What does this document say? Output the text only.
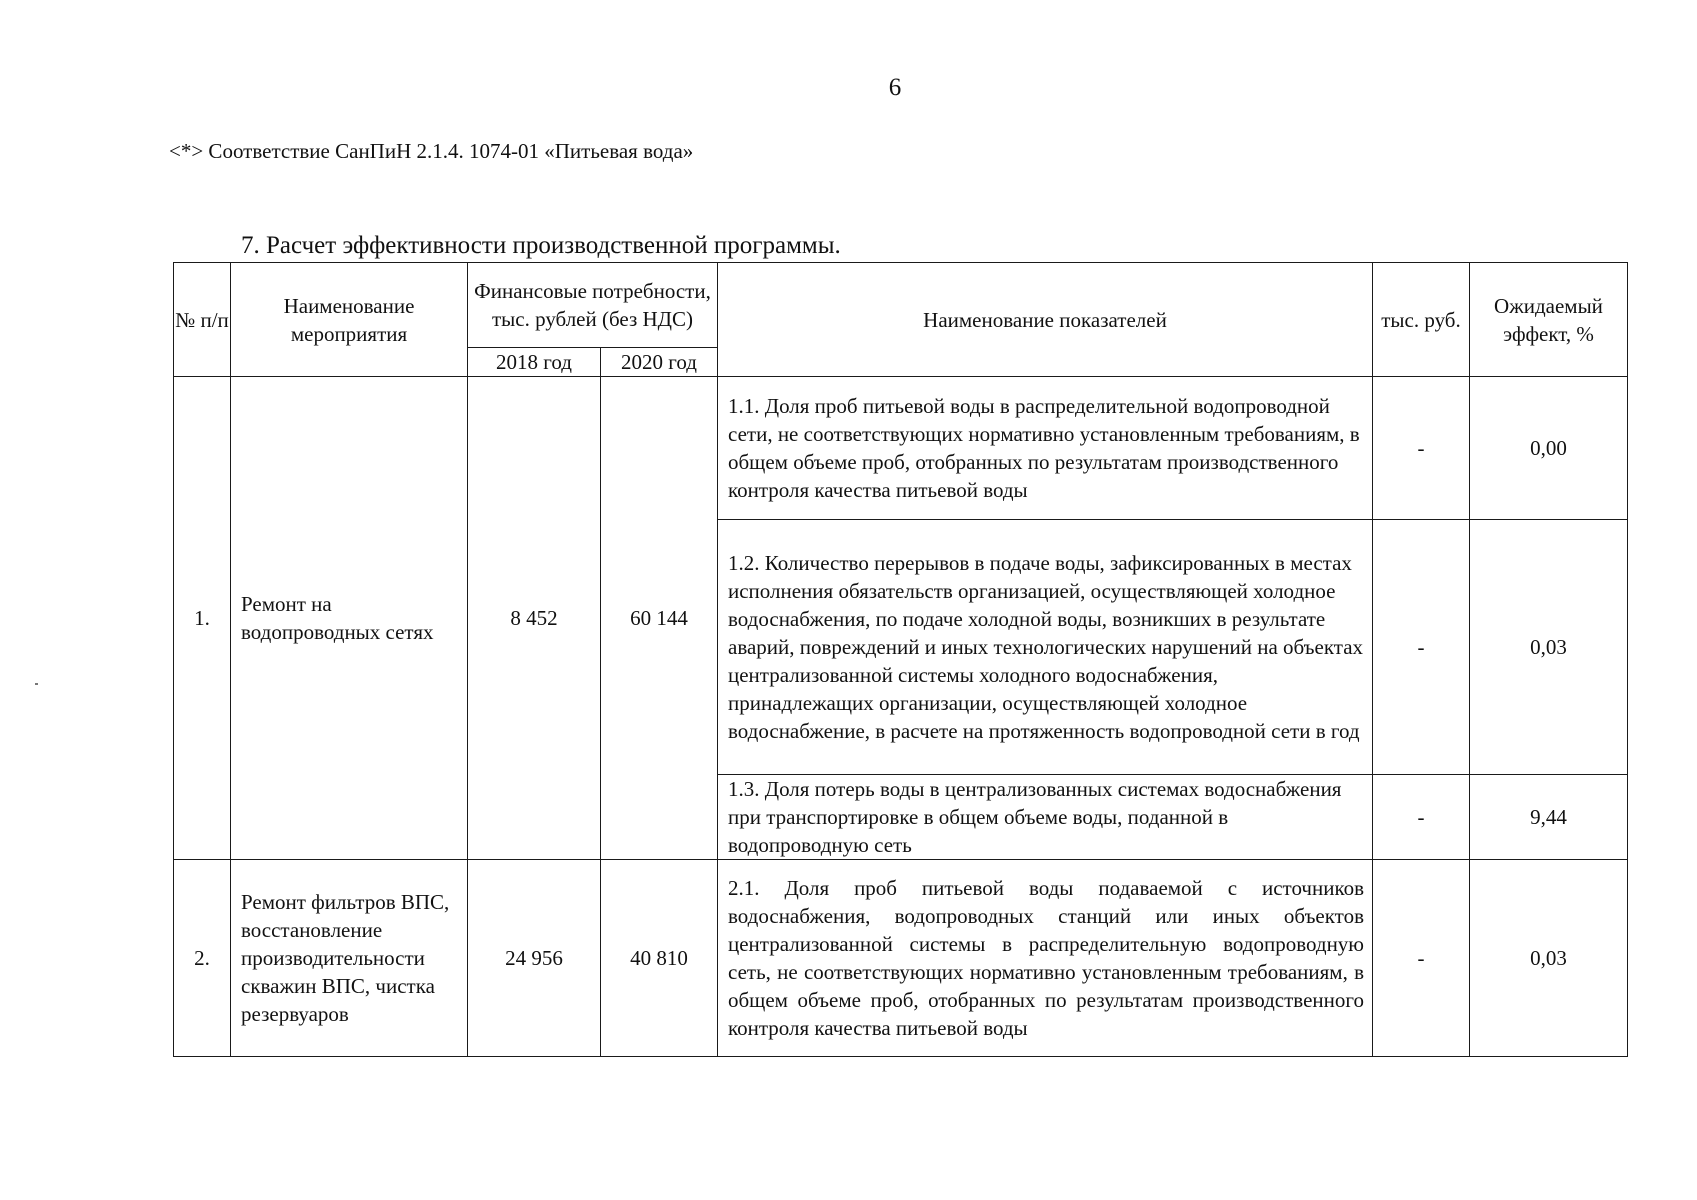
6
<*> Соответствие СанПиН 2.1.4. 1074-01 «Питьевая вода»
7. Расчет эффективности производственной программы.
№ п/п	Наименование мероприятия	Финансовые потребности, тыс. рублей (без НДС)		Наименование показателей	тыс. руб.	Ожидаемый эффект, %
		2018 год	2020 год			
1.	Ремонт на водопроводных сетях	8 452	60 144	1.1. Доля проб питьевой воды в распределительной водопроводной сети, не соответствующих нормативно установленным требованиям, в общем объеме проб, отобранных по результатам производственного контроля качества питьевой воды	-	0,00
				1.2. Количество перерывов в подаче воды, зафиксированных в местах исполнения обязательств организацией, осуществляющей холодное водоснабжения, по подаче холодной воды, возникших в результате аварий, повреждений и иных технологических нарушений на объектах централизованной системы холодного водоснабжения, принадлежащих организации, осуществляющей холодное водоснабжение, в расчете на протяженность водопроводной сети в год	-	0,03
				1.3. Доля потерь воды в централизованных системах водоснабжения при транспортировке в общем объеме воды, поданной в водопроводную сеть	-	9,44
2.	Ремонт фильтров ВПС, восстановление производительности скважин ВПС, чистка резервуаров	24 956	40 810	2.1. Доля проб питьевой воды подаваемой с источников водоснабжения, водопроводных станций или иных объектов централизованной системы в распределительную водопроводную сеть, не соответствующих нормативно установленным требованиям, в общем объеме проб, отобранных по результатам производственного контроля качества питьевой воды	-	0,03
